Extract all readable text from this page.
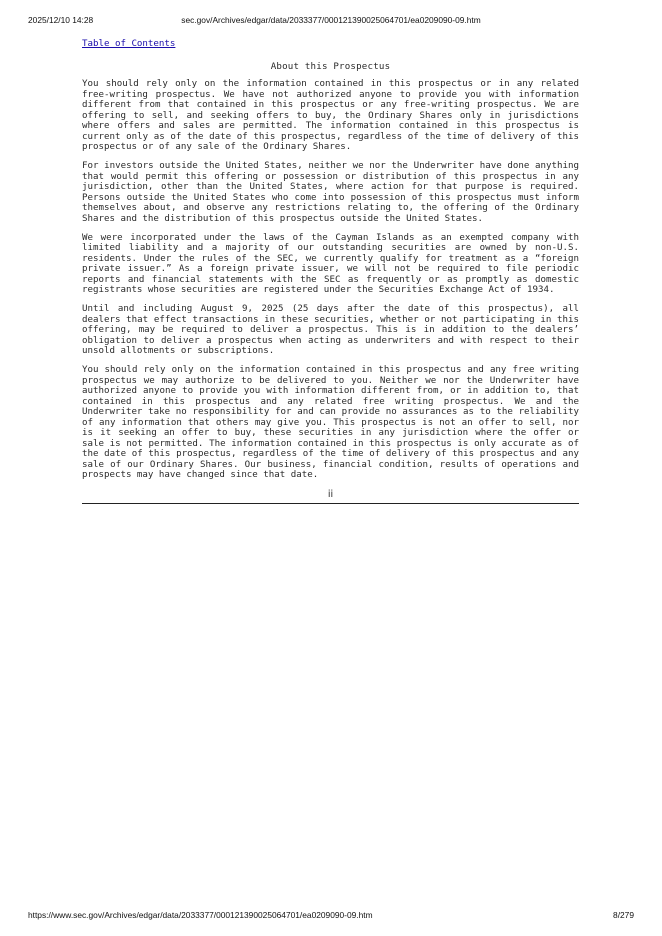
2025/12/10 14:28	sec.gov/Archives/edgar/data/2033377/000121390025064701/ea0209090-09.htm
Table of Contents
About this Prospectus

You should rely only on the information contained in this prospectus or in any related free-writing prospectus. We have not authorized anyone to provide you with information different from that contained in this prospectus or any free-writing prospectus. We are offering to sell, and seeking offers to buy, the Ordinary Shares only in jurisdictions where offers and sales are permitted. The information contained in this prospectus is current only as of the date of this prospectus, regardless of the time of delivery of this prospectus or of any sale of the Ordinary Shares.

For investors outside the United States, neither we nor the Underwriter have done anything that would permit this offering or possession or distribution of this prospectus in any jurisdiction, other than the United States, where action for that purpose is required. Persons outside the United States who come into possession of this prospectus must inform themselves about, and observe any restrictions relating to, the offering of the Ordinary Shares and the distribution of this prospectus outside the United States.

We were incorporated under the laws of the Cayman Islands as an exempted company with limited liability and a majority of our outstanding securities are owned by non-U.S. residents. Under the rules of the SEC, we currently qualify for treatment as a “foreign private issuer.” As a foreign private issuer, we will not be required to file periodic reports and financial statements with the SEC as frequently or as promptly as domestic registrants whose securities are registered under the Securities Exchange Act of 1934.

Until and including August 9, 2025 (25 days after the date of this prospectus), all dealers that effect transactions in these securities, whether or not participating in this offering, may be required to deliver a prospectus. This is in addition to the dealers’ obligation to deliver a prospectus when acting as underwriters and with respect to their unsold allotments or subscriptions.

You should rely only on the information contained in this prospectus and any free writing prospectus we may authorize to be delivered to you. Neither we nor the Underwriter have authorized anyone to provide you with information different from, or in addition to, that contained in this prospectus and any related free writing prospectus. We and the Underwriter take no responsibility for and can provide no assurances as to the reliability of any information that others may give you. This prospectus is not an offer to sell, nor is it seeking an offer to buy, these securities in any jurisdiction where the offer or sale is not permitted. The information contained in this prospectus is only accurate as of the date of this prospectus, regardless of the time of delivery of this prospectus and any sale of our Ordinary Shares. Our business, financial condition, results of operations and prospects may have changed since that date.

ii
https://www.sec.gov/Archives/edgar/data/2033377/000121390025064701/ea0209090-09.htm	8/279
